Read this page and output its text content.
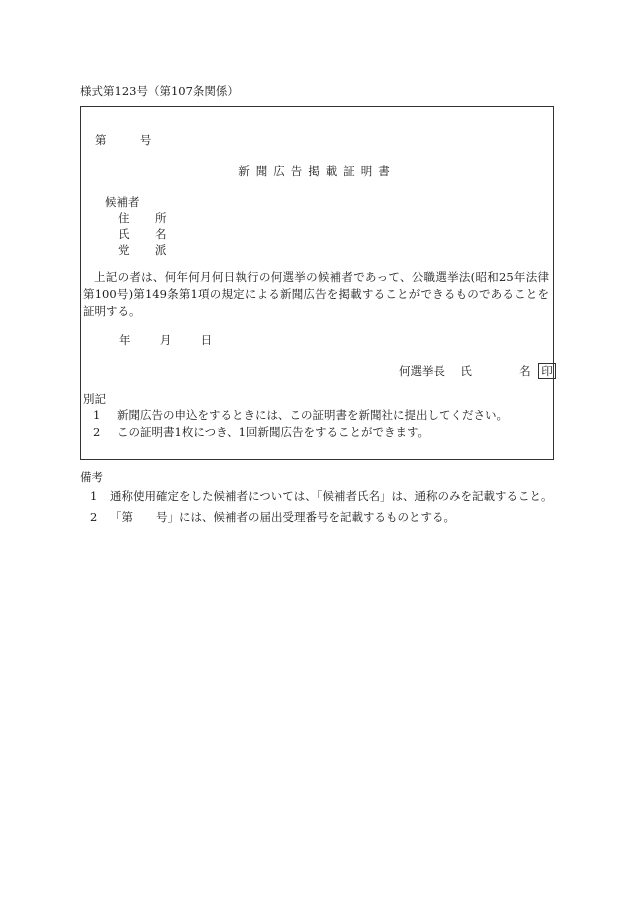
様式第123号（第107条関係）
第	号
新聞広告掲載証明書
候補者
住 所
氏 名
党 派
上記の者は、何年何月何日執行の何選挙の候補者であって、公職選挙法(昭和25年法律第100号)第149条第1項の規定による新聞広告を掲載することができるものであることを証明する。
年	月	日
何選挙長 氏	名 印
別記
1 新聞広告の申込をするときには、この証明書を新聞社に提出してください。
2 この証明書1枚につき、1回新聞広告をすることができます。
備考
1 通称使用確定をした候補者については、「候補者氏名」は、通称のみを記載すること。
2 「第　　号」には、候補者の届出受理番号を記載するものとする。
